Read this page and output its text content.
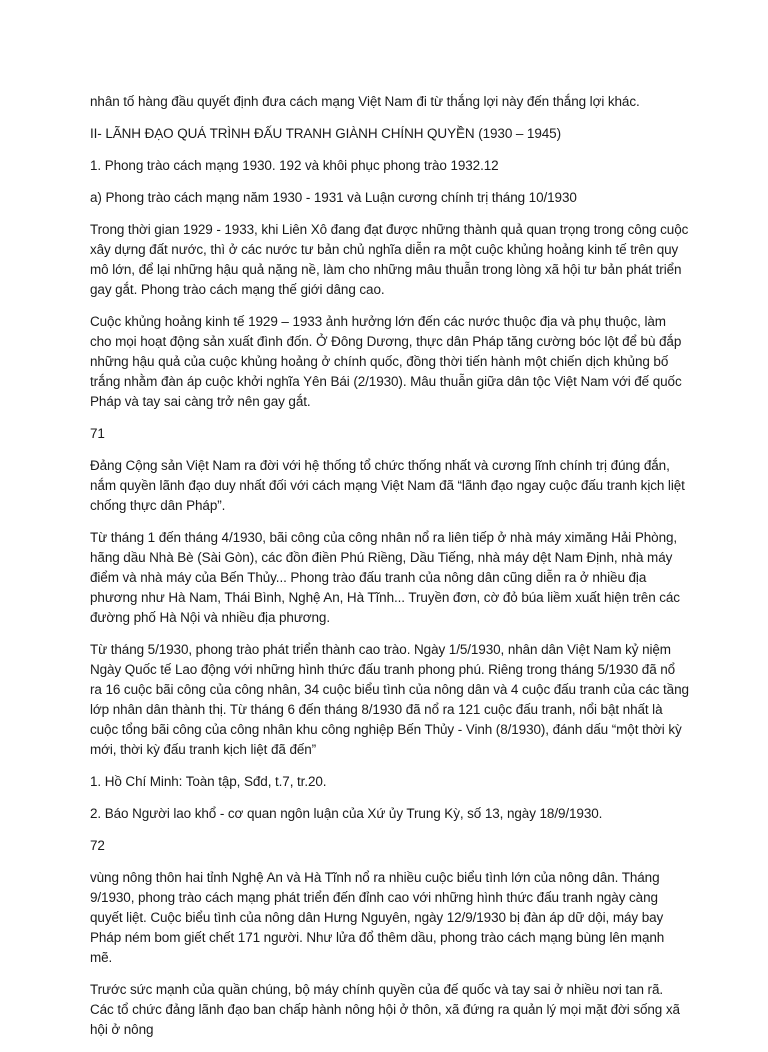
nhân tố hàng đầu quyết định đưa cách mạng Việt Nam đi từ thắng lợi này đến thắng lợi khác.

II- LÃNH ĐẠO QUÁ TRÌNH ĐẤU TRANH GIÀNH CHÍNH QUYỀN (1930 – 1945)

1. Phong trào cách mạng 1930. 192 và khôi phục phong trào 1932.12

a) Phong trào cách mạng năm 1930 - 1931 và Luận cương chính trị tháng 10/1930

Trong thời gian 1929 - 1933, khi Liên Xô đang đạt được những thành quả quan trọng trong công cuộc xây dựng đất nước, thì ở các nước tư bản chủ nghĩa diễn ra một cuộc khủng hoảng kinh tế trên quy mô lớn, để lại những hậu quả nặng nề, làm cho những mâu thuẫn trong lòng xã hội tư bản phát triển gay gắt. Phong trào cách mạng thế giới dâng cao.

Cuộc khủng hoảng kinh tế 1929 – 1933 ảnh hưởng lớn đến các nước thuộc địa và phụ thuộc, làm cho mọi hoạt động sản xuất đình đốn. Ở Đông Dương, thực dân Pháp tăng cường bóc lột để bù đắp những hậu quả của cuộc khủng hoảng ở chính quốc, đồng thời tiến hành một chiến dịch khủng bố trắng nhằm đàn áp cuộc khởi nghĩa Yên Bái (2/1930). Mâu thuẫn giữa dân tộc Việt Nam với đế quốc Pháp và tay sai càng trở nên gay gắt.

71

Đảng Cộng sản Việt Nam ra đời với hệ thống tổ chức thống nhất và cương lĩnh chính trị đúng đắn, nắm quyền lãnh đạo duy nhất đối với cách mạng Việt Nam đã “lãnh đạo ngay cuộc đấu tranh kịch liệt chống thực dân Pháp”.

Từ tháng 1 đến tháng 4/1930, bãi công của công nhân nổ ra liên tiếp ở nhà máy ximăng Hải Phòng, hãng dầu Nhà Bè (Sài Gòn), các đồn điền Phú Riềng, Dầu Tiếng, nhà máy dệt Nam Định, nhà máy điểm và nhà máy của Bến Thủy... Phong trào đấu tranh của nông dân cũng diễn ra ở nhiều địa phương như Hà Nam, Thái Bình, Nghệ An, Hà Tĩnh... Truyền đơn, cờ đỏ búa liềm xuất hiện trên các đường phố Hà Nội và nhiều địa phương.

Từ tháng 5/1930, phong trào phát triển thành cao trào. Ngày 1/5/1930, nhân dân Việt Nam kỷ niệm Ngày Quốc tế Lao động với những hình thức đấu tranh phong phú. Riêng trong tháng 5/1930 đã nổ ra 16 cuộc bãi công của công nhân, 34 cuộc biểu tình của nông dân và 4 cuộc đấu tranh của các tầng lớp nhân dân thành thị. Từ tháng 6 đến tháng 8/1930 đã nổ ra 121 cuộc đấu tranh, nổi bật nhất là cuộc tổng bãi công của công nhân khu công nghiệp Bến Thủy - Vinh (8/1930), đánh dấu “một thời kỳ mới, thời kỳ đấu tranh kịch liệt đã đến”

1. Hồ Chí Minh: Toàn tập, Sđd, t.7, tr.20.

2. Báo Người lao khổ - cơ quan ngôn luận của Xứ ủy Trung Kỳ, số 13, ngày 18/9/1930.

72

vùng nông thôn hai tỉnh Nghệ An và Hà Tĩnh nổ ra nhiều cuộc biểu tình lớn của nông dân. Tháng 9/1930, phong trào cách mạng phát triển đến đỉnh cao với những hình thức đấu tranh ngày càng quyết liệt. Cuộc biểu tình của nông dân Hưng Nguyên, ngày 12/9/1930 bị đàn áp dữ dội, máy bay Pháp ném bom giết chết 171 người. Như lửa đổ thêm dầu, phong trào cách mạng bùng lên mạnh mẽ.

Trước sức mạnh của quần chúng, bộ máy chính quyền của đế quốc và tay sai ở nhiều nơi tan rã. Các tổ chức đảng lãnh đạo ban chấp hành nông hội ở thôn, xã đứng ra quản lý mọi mặt đời sống xã hội ở nông
